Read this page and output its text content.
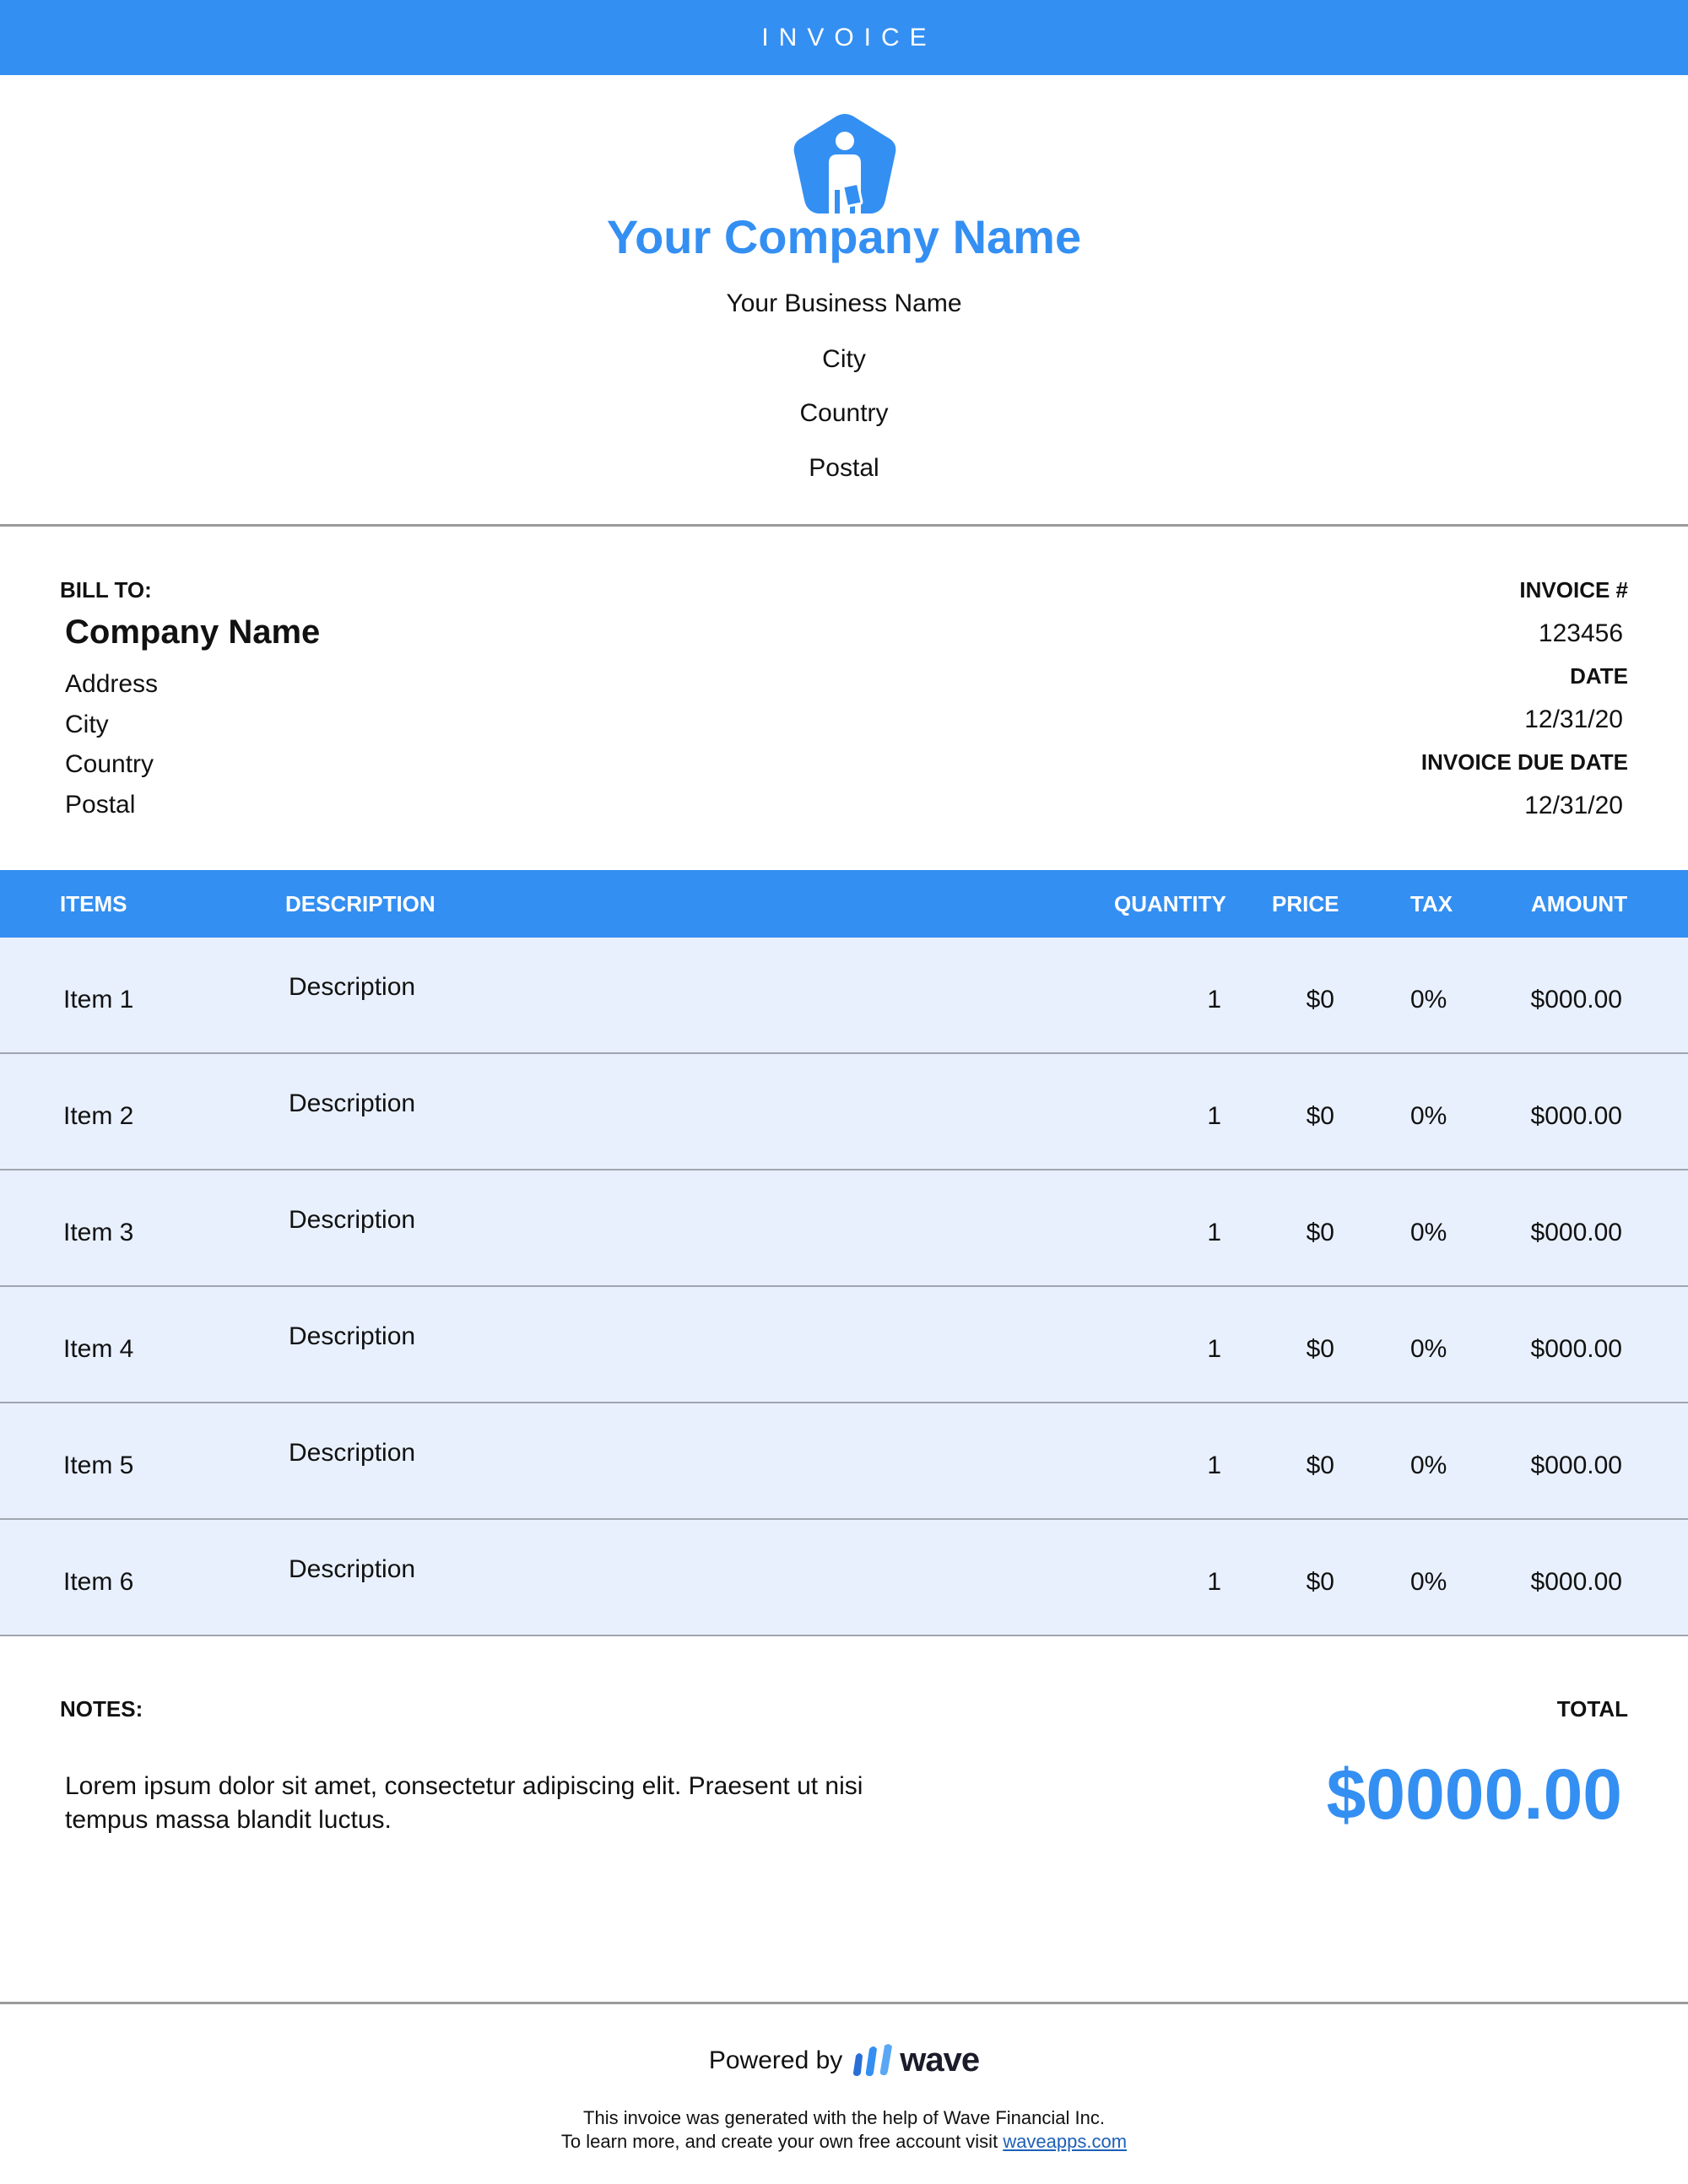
INVOICE
Your Company Name
Your Business Name
City
Country
Postal
BILL TO:
Company Name
Address
City
Country
Postal
INVOICE #
123456
DATE
12/31/20
INVOICE DUE DATE
12/31/20
ITEMS	DESCRIPTION	QUANTITY PRICE	TAX	AMOUNT
Item 1	Description	1	$0	0%	$000.00
Item 2	Description	1	$0	0%	$000.00
Item 3	Description	1	$0	0%	$000.00
Item 4	Description	1	$0	0%	$000.00
Item 5	Description	1	$0	0%	$000.00
Item 6	Description	1	$0	0%	$000.00
NOTES:
Lorem ipsum dolor sit amet, consectetur adipiscing elit. Praesent ut nisi tempus massa blandit luctus.
TOTAL
$0000.00
Powered by wave
This invoice was generated with the help of Wave Financial Inc.
To learn more, and create your own free account visit waveapps.com
